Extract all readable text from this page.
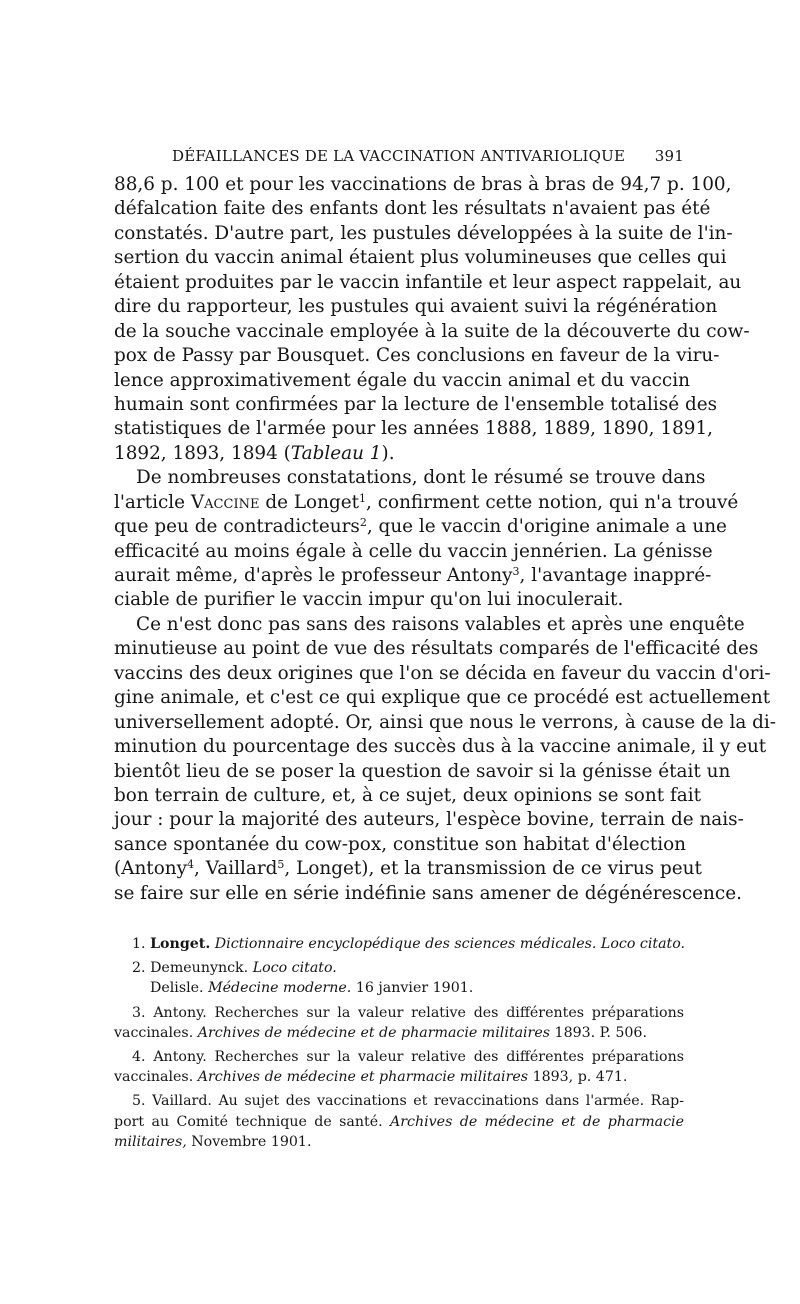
DÉFAILLANCES DE LA VACCINATION ANTIVARIOLIQUE 391
88,6 p. 100 et pour les vaccinations de bras à bras de 94,7 p. 100,
défalcation faite des enfants dont les résultats n'avaient pas été
constatés. D'autre part, les pustules développées à la suite de l'in-
sertion du vaccin animal étaient plus volumineuses que celles qui
étaient produites par le vaccin infantile et leur aspect rappelait, au
dire du rapporteur, les pustules qui avaient suivi la régénération
de la souche vaccinale employée à la suite de la découverte du cow-
pox de Passy par Bousquet. Ces conclusions en faveur de la viru-
lence approximativement égale du vaccin animal et du vaccin
humain sont confirmées par la lecture de l'ensemble totalisé des
statistiques de l'armée pour les années 1888, 1889, 1890, 1891,
1892, 1893, 1894 (Tableau 1).
De nombreuses constatations, dont le résumé se trouve dans
l'article Vaccine de Longet$^1$, confirment cette notion, qui n'a trouvé
que peu de contradicteurs$^2$, que le vaccin d'origine animale a une
efficacité au moins égale à celle du vaccin jennérien. La génisse
aurait même, d'après le professeur Antony$^3$, l'avantage inappré-
ciable de purifier le vaccin impur qu'on lui inoculerait.
Ce n'est donc pas sans des raisons valables et après une enquête
minutieuse au point de vue des résultats comparés de l'efficacité des
vaccins des deux origines que l'on se décida en faveur du vaccin d'ori-
gine animale, et c'est ce qui explique que ce procédé est actuellement
universellement adopté. Or, ainsi que nous le verrons, à cause de la di-
minution du pourcentage des succès dus à la vaccine animale, il y eut
bientôt lieu de se poser la question de savoir si la génisse était un
bon terrain de culture, et, à ce sujet, deux opinions se sont fait
jour : pour la majorité des auteurs, l'espèce bovine, terrain de nais-
sance spontanée du cow-pox, constitue son habitat d'élection
(Antony$^4$, Vaillard$^5$, Longet), et la transmission de ce virus peut
se faire sur elle en série indéfinie sans amener de dégénérescence.
1. Longet. Dictionnaire encyclopédique des sciences médicales. Loco citato.
2. Demeunynck. Loco citato.
Delisle. Médecine moderne. 16 janvier 1901.
3. Antony. Recherches sur la valeur relative des différentes préparations
vaccinales. Archives de médecine et de pharmacie militaires 1893. P. 506.
4. Antony. Recherches sur la valeur relative des différentes préparations
vaccinales. Archives de médecine et pharmacie militaires 1893, p. 471.
5. Vaillard. Au sujet des vaccinations et revaccinations dans l'armée. Rap-
port au Comité technique de santé. Archives de médecine et de pharmacie
militaires, Novembre 1901.
